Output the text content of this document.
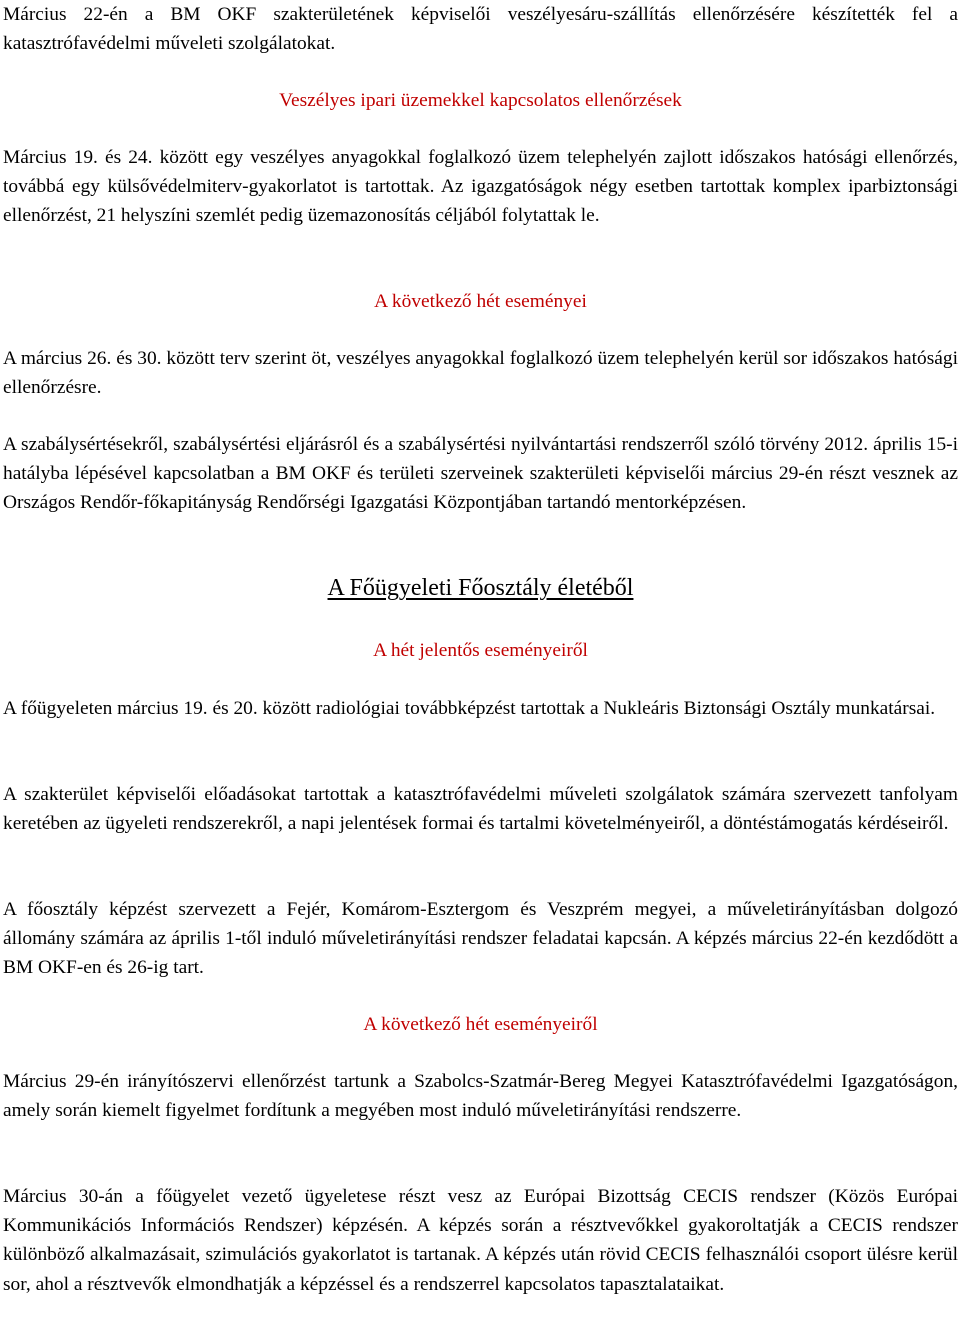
Március 22-én a BM OKF szakterületének képviselői veszélyesáru-szállítás ellenőrzésére készítették fel a katasztrófavédelmi műveleti szolgálatokat.

Veszélyes ipari üzemekkel kapcsolatos ellenőrzések

Március 19. és 24. között egy veszélyes anyagokkal foglalkozó üzem telephelyén zajlott időszakos hatósági ellenőrzés, továbbá egy külsővédelmiterv-gyakorlatot is tartottak. Az igazgatóságok négy esetben tartottak komplex iparbiztonsági ellenőrzést, 21 helyszíni szemlét pedig üzemazonosítás céljából folytattak le.

A következő hét eseményei

A március 26. és 30. között terv szerint öt, veszélyes anyagokkal foglalkozó üzem telephelyén kerül sor időszakos hatósági ellenőrzésre.

A szabálysértésekről, szabálysértési eljárásról és a szabálysértési nyilvántartási rendszerről szóló törvény 2012. április 15-i hatályba lépésével kapcsolatban a BM OKF és területi szerveinek szakterületi képviselői március 29-én részt vesznek az Országos Rendőr-főkapitányság Rendőrségi Igazgatási Központjában tartandó mentorképzésen.

A Főügyeleti Főosztály életéből

A hét jelentős eseményeiről

A főügyeleten március 19. és 20. között radiológiai továbbképzést tartottak a Nukleáris Biztonsági Osztály munkatársai.

A szakterület képviselői előadásokat tartottak a katasztrófavédelmi műveleti szolgálatok számára szervezett tanfolyam keretében az ügyeleti rendszerekről, a napi jelentések formai és tartalmi követelményeiről, a döntéstámogatás kérdéseiről.

A főosztály képzést szervezett a Fejér, Komárom-Esztergom és Veszprém megyei, a műveletirányításban dolgozó állomány számára az április 1-től induló műveletirányítási rendszer feladatai kapcsán. A képzés március 22-én kezdődött a BM OKF-en és 26-ig tart.

A következő hét eseményeiről

Március 29-én irányítószervi ellenőrzést tartunk a Szabolcs-Szatmár-Bereg Megyei Katasztrófavédelmi Igazgatóságon, amely során kiemelt figyelmet fordítunk a megyében most induló műveletirányítási rendszerre.

Március 30-án a főügyelet vezető ügyeletese részt vesz az Európai Bizottság CECIS rendszer (Közös Európai Kommunikációs Információs Rendszer) képzésén. A képzés során a résztvevőkkel gyakoroltatják a CECIS rendszer különböző alkalmazásait, szimulációs gyakorlatot is tartanak. A képzés után rövid CECIS felhasználói csoport ülésre kerül sor, ahol a résztvevők elmondhatják a képzéssel és a rendszerrel kapcsolatos tapasztalataikat.
